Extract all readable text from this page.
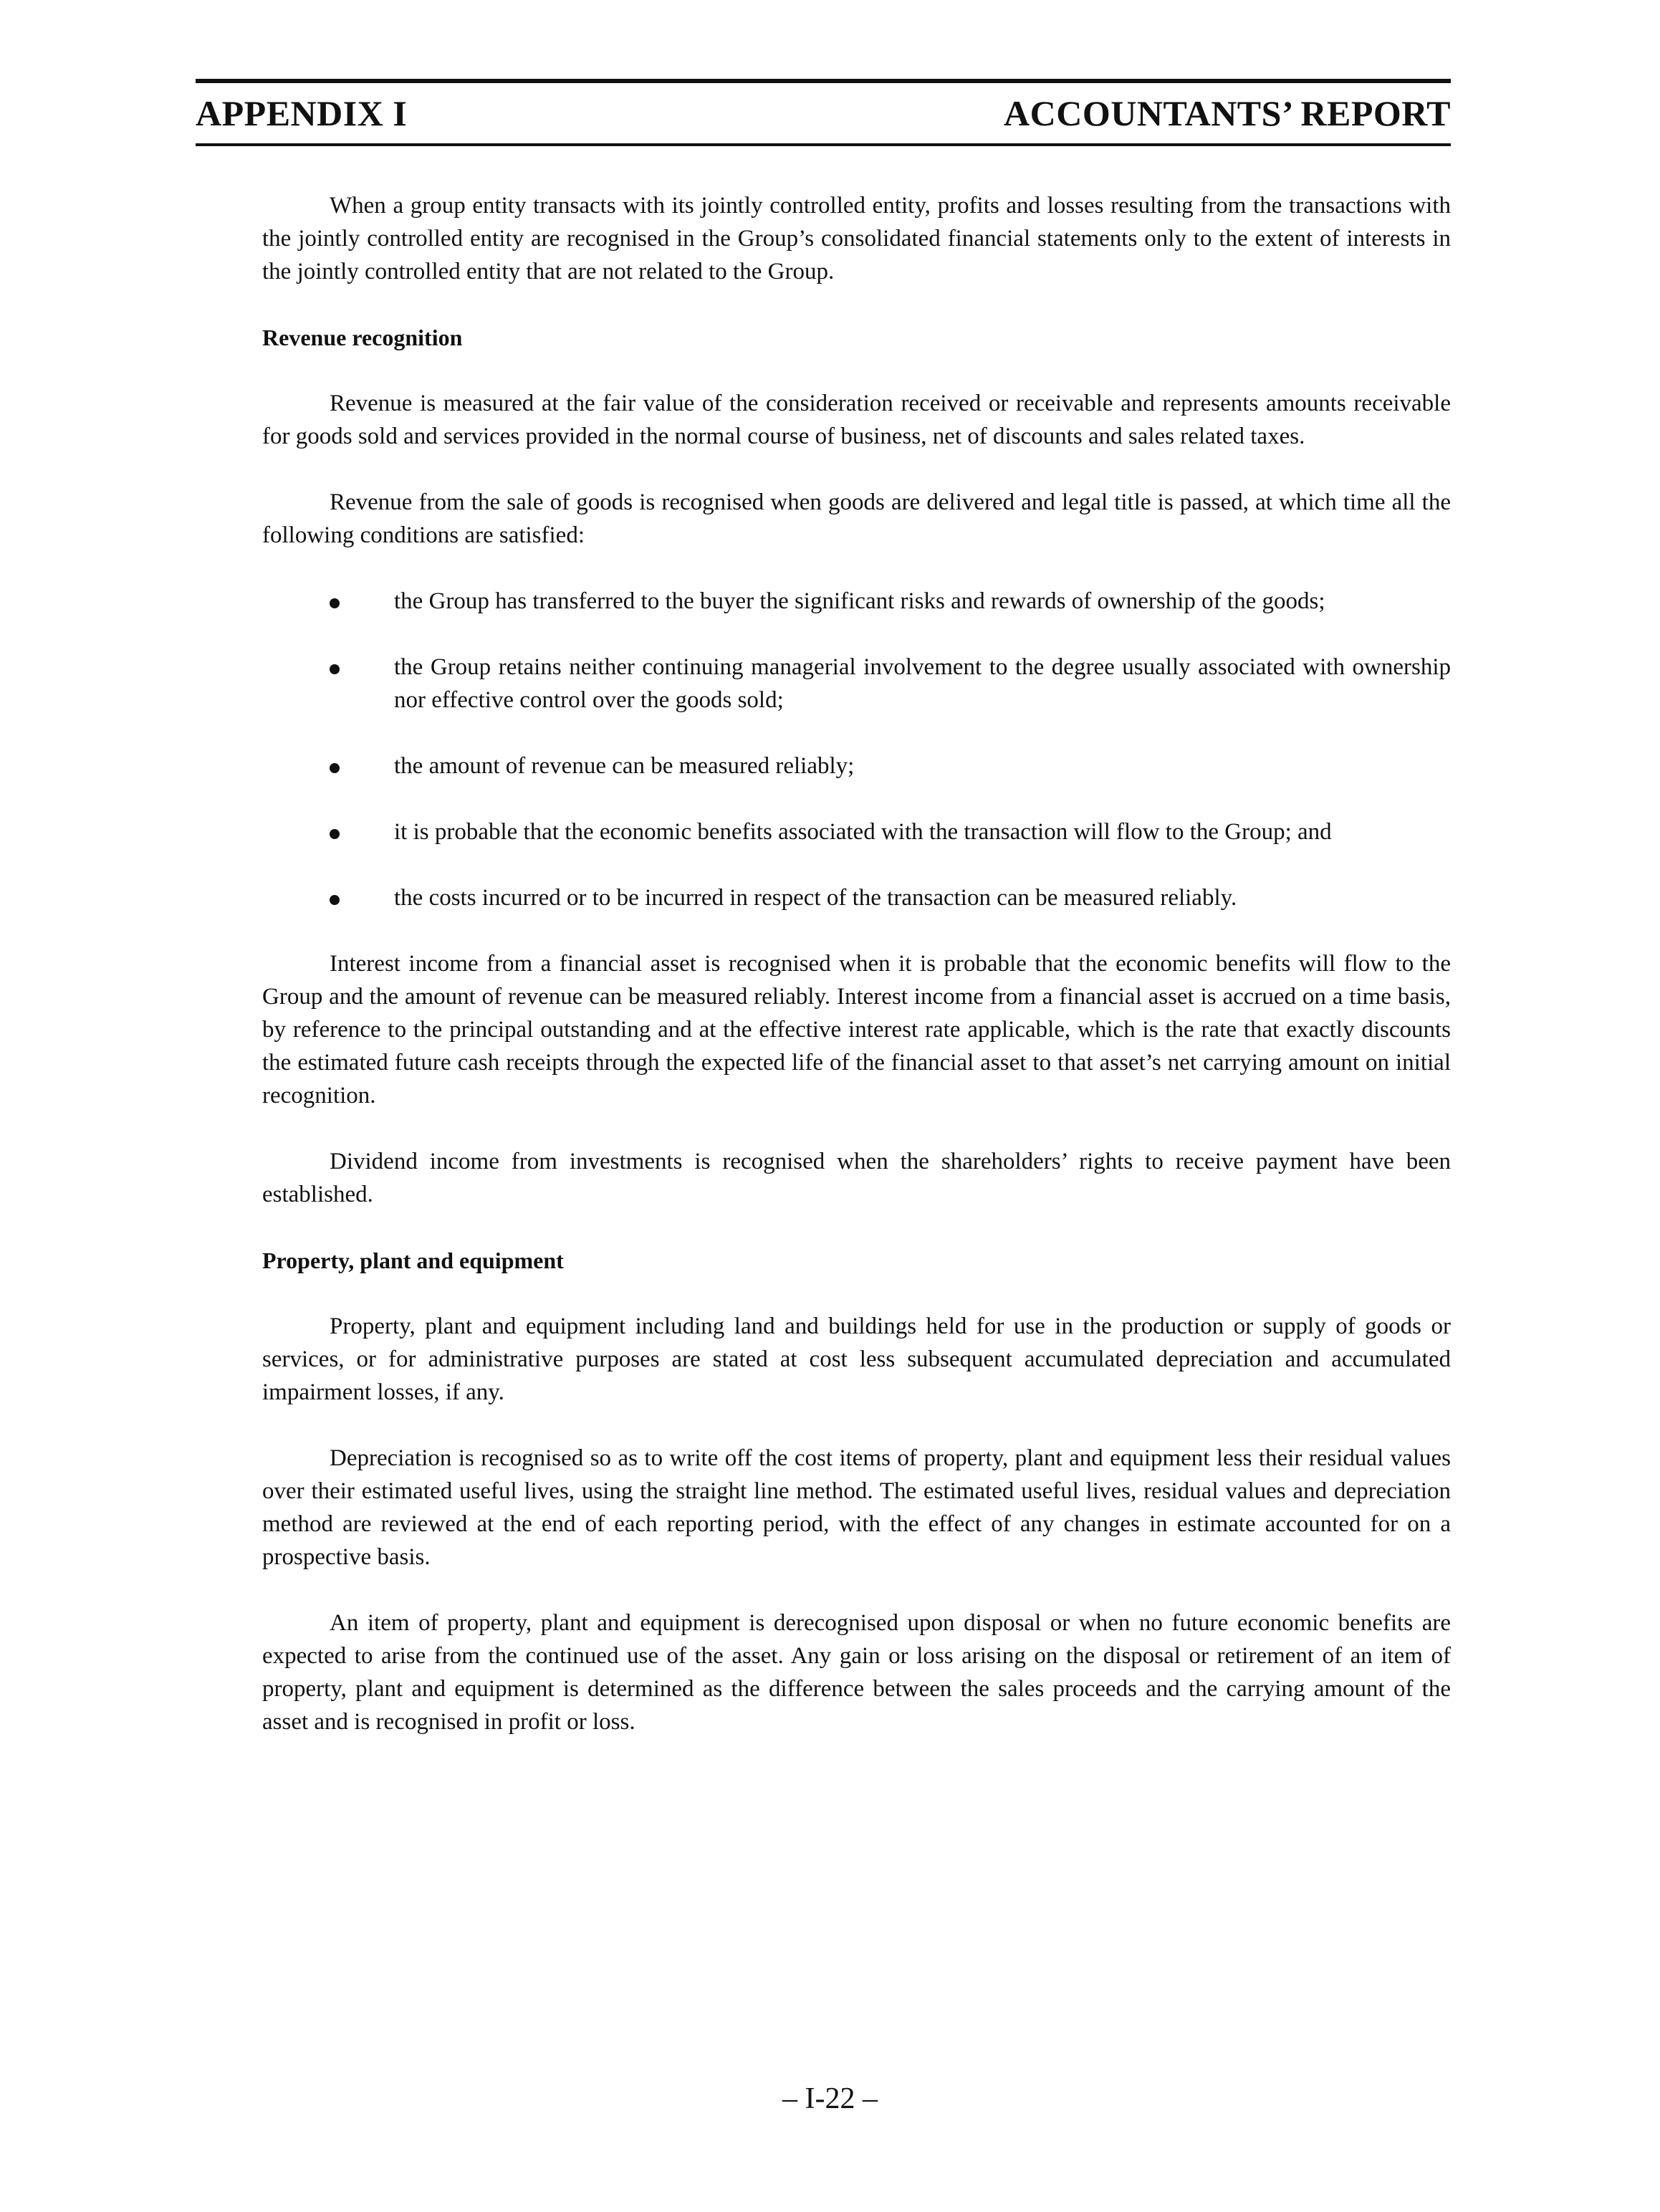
APPENDIX I	ACCOUNTANTS’ REPORT

When a group entity transacts with its jointly controlled entity, profits and losses resulting from the transactions with the jointly controlled entity are recognised in the Group’s consolidated financial statements only to the extent of interests in the jointly controlled entity that are not related to the Group.

Revenue recognition

Revenue is measured at the fair value of the consideration received or receivable and represents amounts receivable for goods sold and services provided in the normal course of business, net of discounts and sales related taxes.

Revenue from the sale of goods is recognised when goods are delivered and legal title is passed, at which time all the following conditions are satisfied:

the Group has transferred to the buyer the significant risks and rewards of ownership of the goods;
the Group retains neither continuing managerial involvement to the degree usually associated with ownership nor effective control over the goods sold;
the amount of revenue can be measured reliably;
it is probable that the economic benefits associated with the transaction will flow to the Group; and
the costs incurred or to be incurred in respect of the transaction can be measured reliably.

Interest income from a financial asset is recognised when it is probable that the economic benefits will flow to the Group and the amount of revenue can be measured reliably. Interest income from a financial asset is accrued on a time basis, by reference to the principal outstanding and at the effective interest rate applicable, which is the rate that exactly discounts the estimated future cash receipts through the expected life of the financial asset to that asset’s net carrying amount on initial recognition.

Dividend income from investments is recognised when the shareholders’ rights to receive payment have been established.

Property, plant and equipment

Property, plant and equipment including land and buildings held for use in the production or supply of goods or services, or for administrative purposes are stated at cost less subsequent accumulated depreciation and accumulated impairment losses, if any.

Depreciation is recognised so as to write off the cost items of property, plant and equipment less their residual values over their estimated useful lives, using the straight line method. The estimated useful lives, residual values and depreciation method are reviewed at the end of each reporting period, with the effect of any changes in estimate accounted for on a prospective basis.

An item of property, plant and equipment is derecognised upon disposal or when no future economic benefits are expected to arise from the continued use of the asset. Any gain or loss arising on the disposal or retirement of an item of property, plant and equipment is determined as the difference between the sales proceeds and the carrying amount of the asset and is recognised in profit or loss.

– I-22 –
